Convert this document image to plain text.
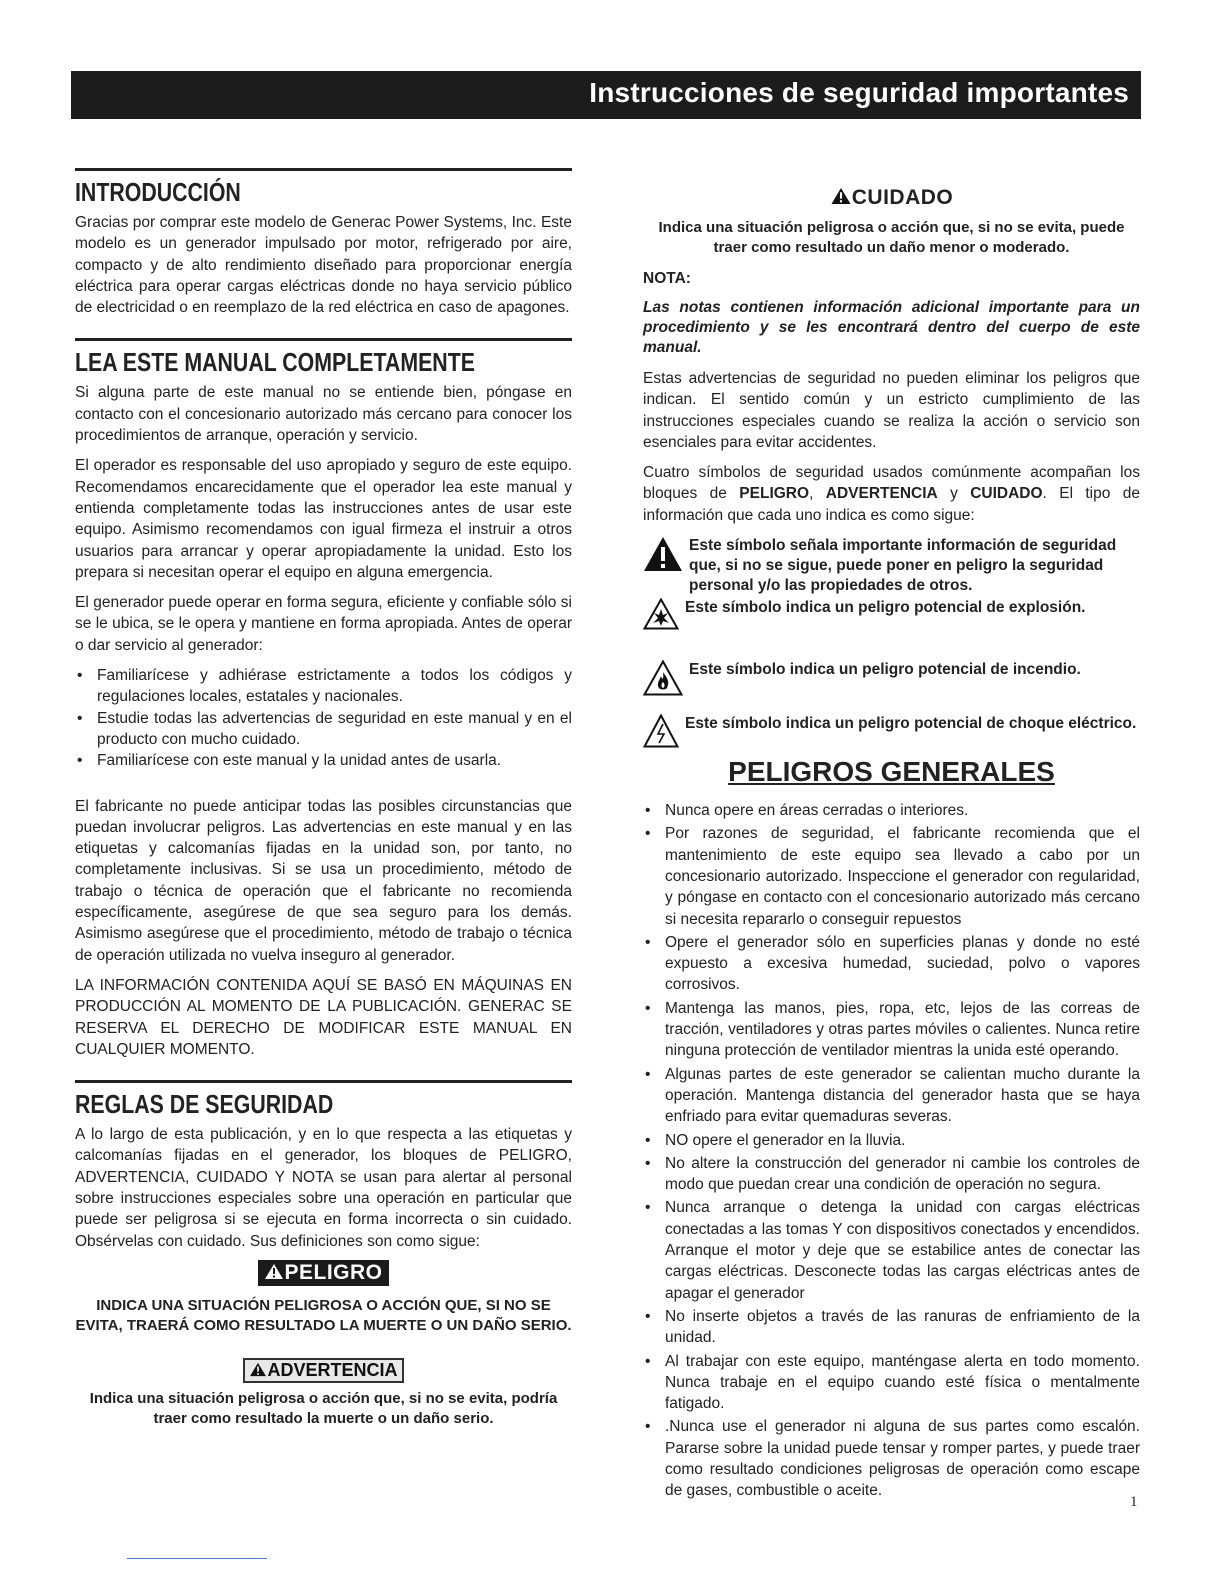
Instrucciones de seguridad importantes
INTRODUCCIÓN

Gracias por comprar este modelo de Generac Power Systems, Inc. Este modelo es un generador impulsado por motor, refrigerado por aire, compacto y de alto rendimiento diseñado para proporcionar energía eléctrica para operar cargas eléctricas donde no haya servicio público de electricidad o en reemplazo de la red eléctrica en caso de apagones.

LEA ESTE MANUAL COMPLETAMENTE

Si alguna parte de este manual no se entiende bien, póngase en contacto con el concesionario autorizado más cercano para conocer los procedimientos de arranque, operación y servicio.

El operador es responsable del uso apropiado y seguro de este equipo. Recomendamos encarecidamente que el operador lea este manual y entienda completamente todas las instrucciones antes de usar este equipo. Asimismo recomendamos con igual firmeza el instruir a otros usuarios para arrancar y operar apropiadamente la unidad. Esto los prepara si necesitan operar el equipo en alguna emergencia.

El generador puede operar en forma segura, eficiente y confiable sólo si se le ubica, se le opera y mantiene en forma apropiada. Antes de operar o dar servicio al generador:

• Familiarícese y adhiérase estrictamente a todos los códigos y regulaciones locales, estatales y nacionales.
• Estudie todas las advertencias de seguridad en este manual y en el producto con mucho cuidado.
• Familiarícese con este manual y la unidad antes de usarla.

El fabricante no puede anticipar todas las posibles circunstancias que puedan involucrar peligros. Las advertencias en este manual y en las etiquetas y calcomanías fijadas en la unidad son, por tanto, no completamente inclusivas. Si se usa un procedimiento, método de trabajo o técnica de operación que el fabricante no recomienda específicamente, asegúrese de que sea seguro para los demás. Asimismo asegúrese que el procedimiento, método de trabajo o técnica de operación utilizada no vuelva inseguro al generador.

LA INFORMACIÓN CONTENIDA AQUÍ SE BASÓ EN MÁQUINAS EN PRODUCCIÓN AL MOMENTO DE LA PUBLICACIÓN. GENERAC SE RESERVA EL DERECHO DE MODIFICAR ESTE MANUAL EN CUALQUIER MOMENTO.

REGLAS DE SEGURIDAD

A lo largo de esta publicación, y en lo que respecta a las etiquetas y calcomanías fijadas en el generador, los bloques de PELIGRO, ADVERTENCIA, CUIDADO Y NOTA se usan para alertar al personal sobre instrucciones especiales sobre una operación en particular que puede ser peligrosa si se ejecuta en forma incorrecta o sin cuidado. Obsérvelas con cuidado. Sus definiciones son como sigue:

PELIGRO
INDICA UNA SITUACIÓN PELIGROSA O ACCIÓN QUE, SI NO SE EVITA, TRAERÁ COMO RESULTADO LA MUERTE O UN DAÑO SERIO.
ADVERTENCIA
Indica una situación peligrosa o acción que, si no se evita, podría traer como resultado la muerte o un daño serio.
CUIDADO
Indica una situación peligrosa o acción que, si no se evita, puede traer como resultado un daño menor o moderado.
NOTA:
Las notas contienen información adicional importante para un procedimiento y se les encontrará dentro del cuerpo de este manual.

Estas advertencias de seguridad no pueden eliminar los peligros que indican. El sentido común y un estricto cumplimiento de las instrucciones especiales cuando se realiza la acción o servicio son esenciales para evitar accidentes.

Cuatro símbolos de seguridad usados comúnmente acompañan los bloques de PELIGRO, ADVERTENCIA y CUIDADO. El tipo de información que cada uno indica es como sigue:

Este símbolo señala importante información de seguridad que, si no se sigue, puede poner en peligro la seguridad personal y/o las propiedades de otros.
Este símbolo indica un peligro potencial de explosión.
Este símbolo indica un peligro potencial de incendio.
Este símbolo indica un peligro potencial de choque eléctrico.
PELIGROS GENERALES
• Nunca opere en áreas cerradas o interiores.
• Por razones de seguridad, el fabricante recomienda que el mantenimiento de este equipo sea llevado a cabo por un concesionario autorizado. Inspeccione el generador con regularidad, y póngase en contacto con el concesionario autorizado más cercano si necesita repararlo o conseguir repuestos
• Opere el generador sólo en superficies planas y donde no esté expuesto a excesiva humedad, suciedad, polvo o vapores corrosivos.
• Mantenga las manos, pies, ropa, etc, lejos de las correas de tracción, ventiladores y otras partes móviles o calientes. Nunca retire ninguna protección de ventilador mientras la unida esté operando.
• Algunas partes de este generador se calientan mucho durante la operación. Mantenga distancia del generador hasta que se haya enfriado para evitar quemaduras severas.
• NO opere el generador en la lluvia.
• No altere la construcción del generador ni cambie los controles de modo que puedan crear una condición de operación no segura.
• Nunca arranque o detenga la unidad con cargas eléctricas conectadas a las tomas Y con dispositivos conectados y encendidos. Arranque el motor y deje que se estabilice antes de conectar las cargas eléctricas. Desconecte todas las cargas eléctricas antes de apagar el generador
• No inserte objetos a través de las ranuras de enfriamiento de la unidad.
• Al trabajar con este equipo, manténgase alerta en todo momento. Nunca trabaje en el equipo cuando esté física o mentalmente fatigado.
• .Nunca use el generador ni alguna de sus partes como escalón. Pararse sobre la unidad puede tensar y romper partes, y puede traer como resultado condiciones peligrosas de operación como escape de gases, combustible o aceite.
1
